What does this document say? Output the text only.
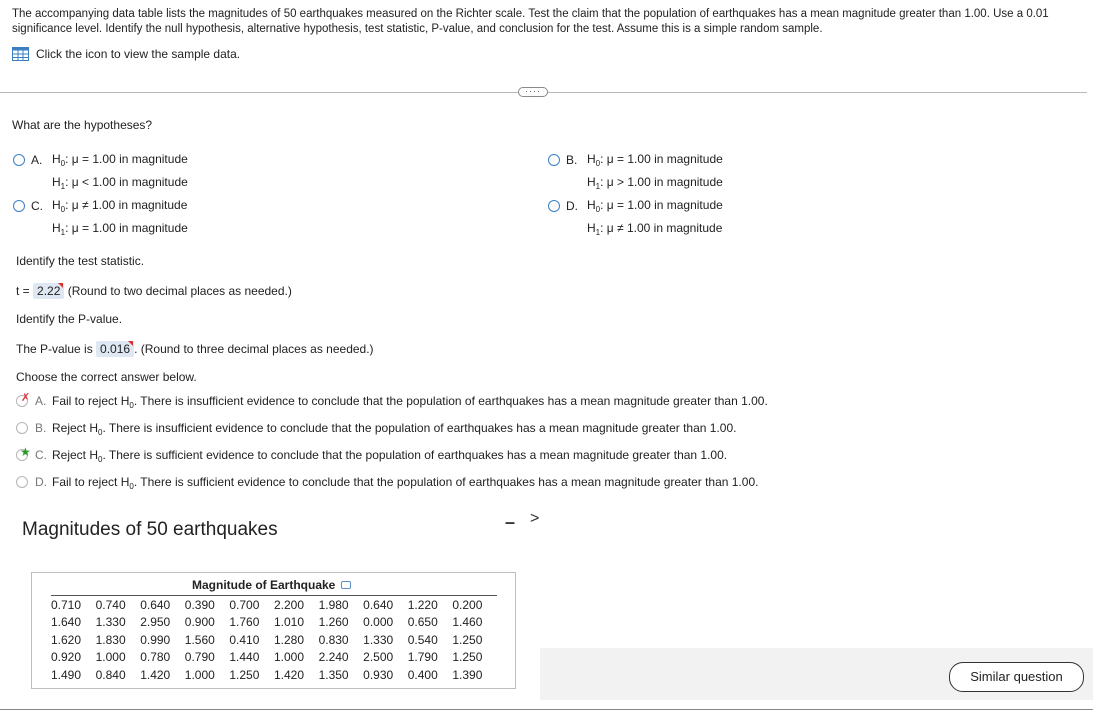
The accompanying data table lists the magnitudes of 50 earthquakes measured on the Richter scale. Test the claim that the population of earthquakes has a mean magnitude greater than 1.00. Use a 0.01 significance level. Identify the null hypothesis, alternative hypothesis, test statistic, P-value, and conclusion for the test. Assume this is a simple random sample.
Click the icon to view the sample data.
····
What are the hypotheses?
A. $H_0$: μ = 1.00 in magnitude
$H_1$: μ < 1.00 in magnitude
B. $H_0$: μ = 1.00 in magnitude
$H_1$: μ > 1.00 in magnitude
C. $H_0$: μ ≠ 1.00 in magnitude
$H_1$: μ = 1.00 in magnitude
D. $H_0$: μ = 1.00 in magnitude
$H_1$: μ ≠ 1.00 in magnitude
Identify the test statistic.
t = 2.22 (Round to two decimal places as needed.)
Identify the P-value.
The P-value is 0.016 . (Round to three decimal places as needed.)
Choose the correct answer below.
✗ A. Fail to reject $H_0$. There is insufficient evidence to conclude that the population of earthquakes has a mean magnitude greater than 1.00.
B. Reject $H_0$. There is insufficient evidence to conclude that the population of earthquakes has a mean magnitude greater than 1.00.
★ C. Reject $H_0$. There is sufficient evidence to conclude that the population of earthquakes has a mean magnitude greater than 1.00.
D. Fail to reject $H_0$. There is sufficient evidence to conclude that the population of earthquakes has a mean magnitude greater than 1.00.
Magnitudes of 50 earthquakes	– >
Magnitude of Earthquake
0.710	0.740	0.640	0.390	0.700	2.200	1.980	0.640	1.220	0.200
1.640	1.330	2.950	0.900	1.760	1.010	1.260	0.000	0.650	1.460
1.620	1.830	0.990	1.560	0.410	1.280	0.830	1.330	0.540	1.250
0.920	1.000	0.780	0.790	1.440	1.000	2.240	2.500	1.790	1.250
1.490	0.840	1.420	1.000	1.250	1.420	1.350	0.930	0.400	1.390	Similar question
